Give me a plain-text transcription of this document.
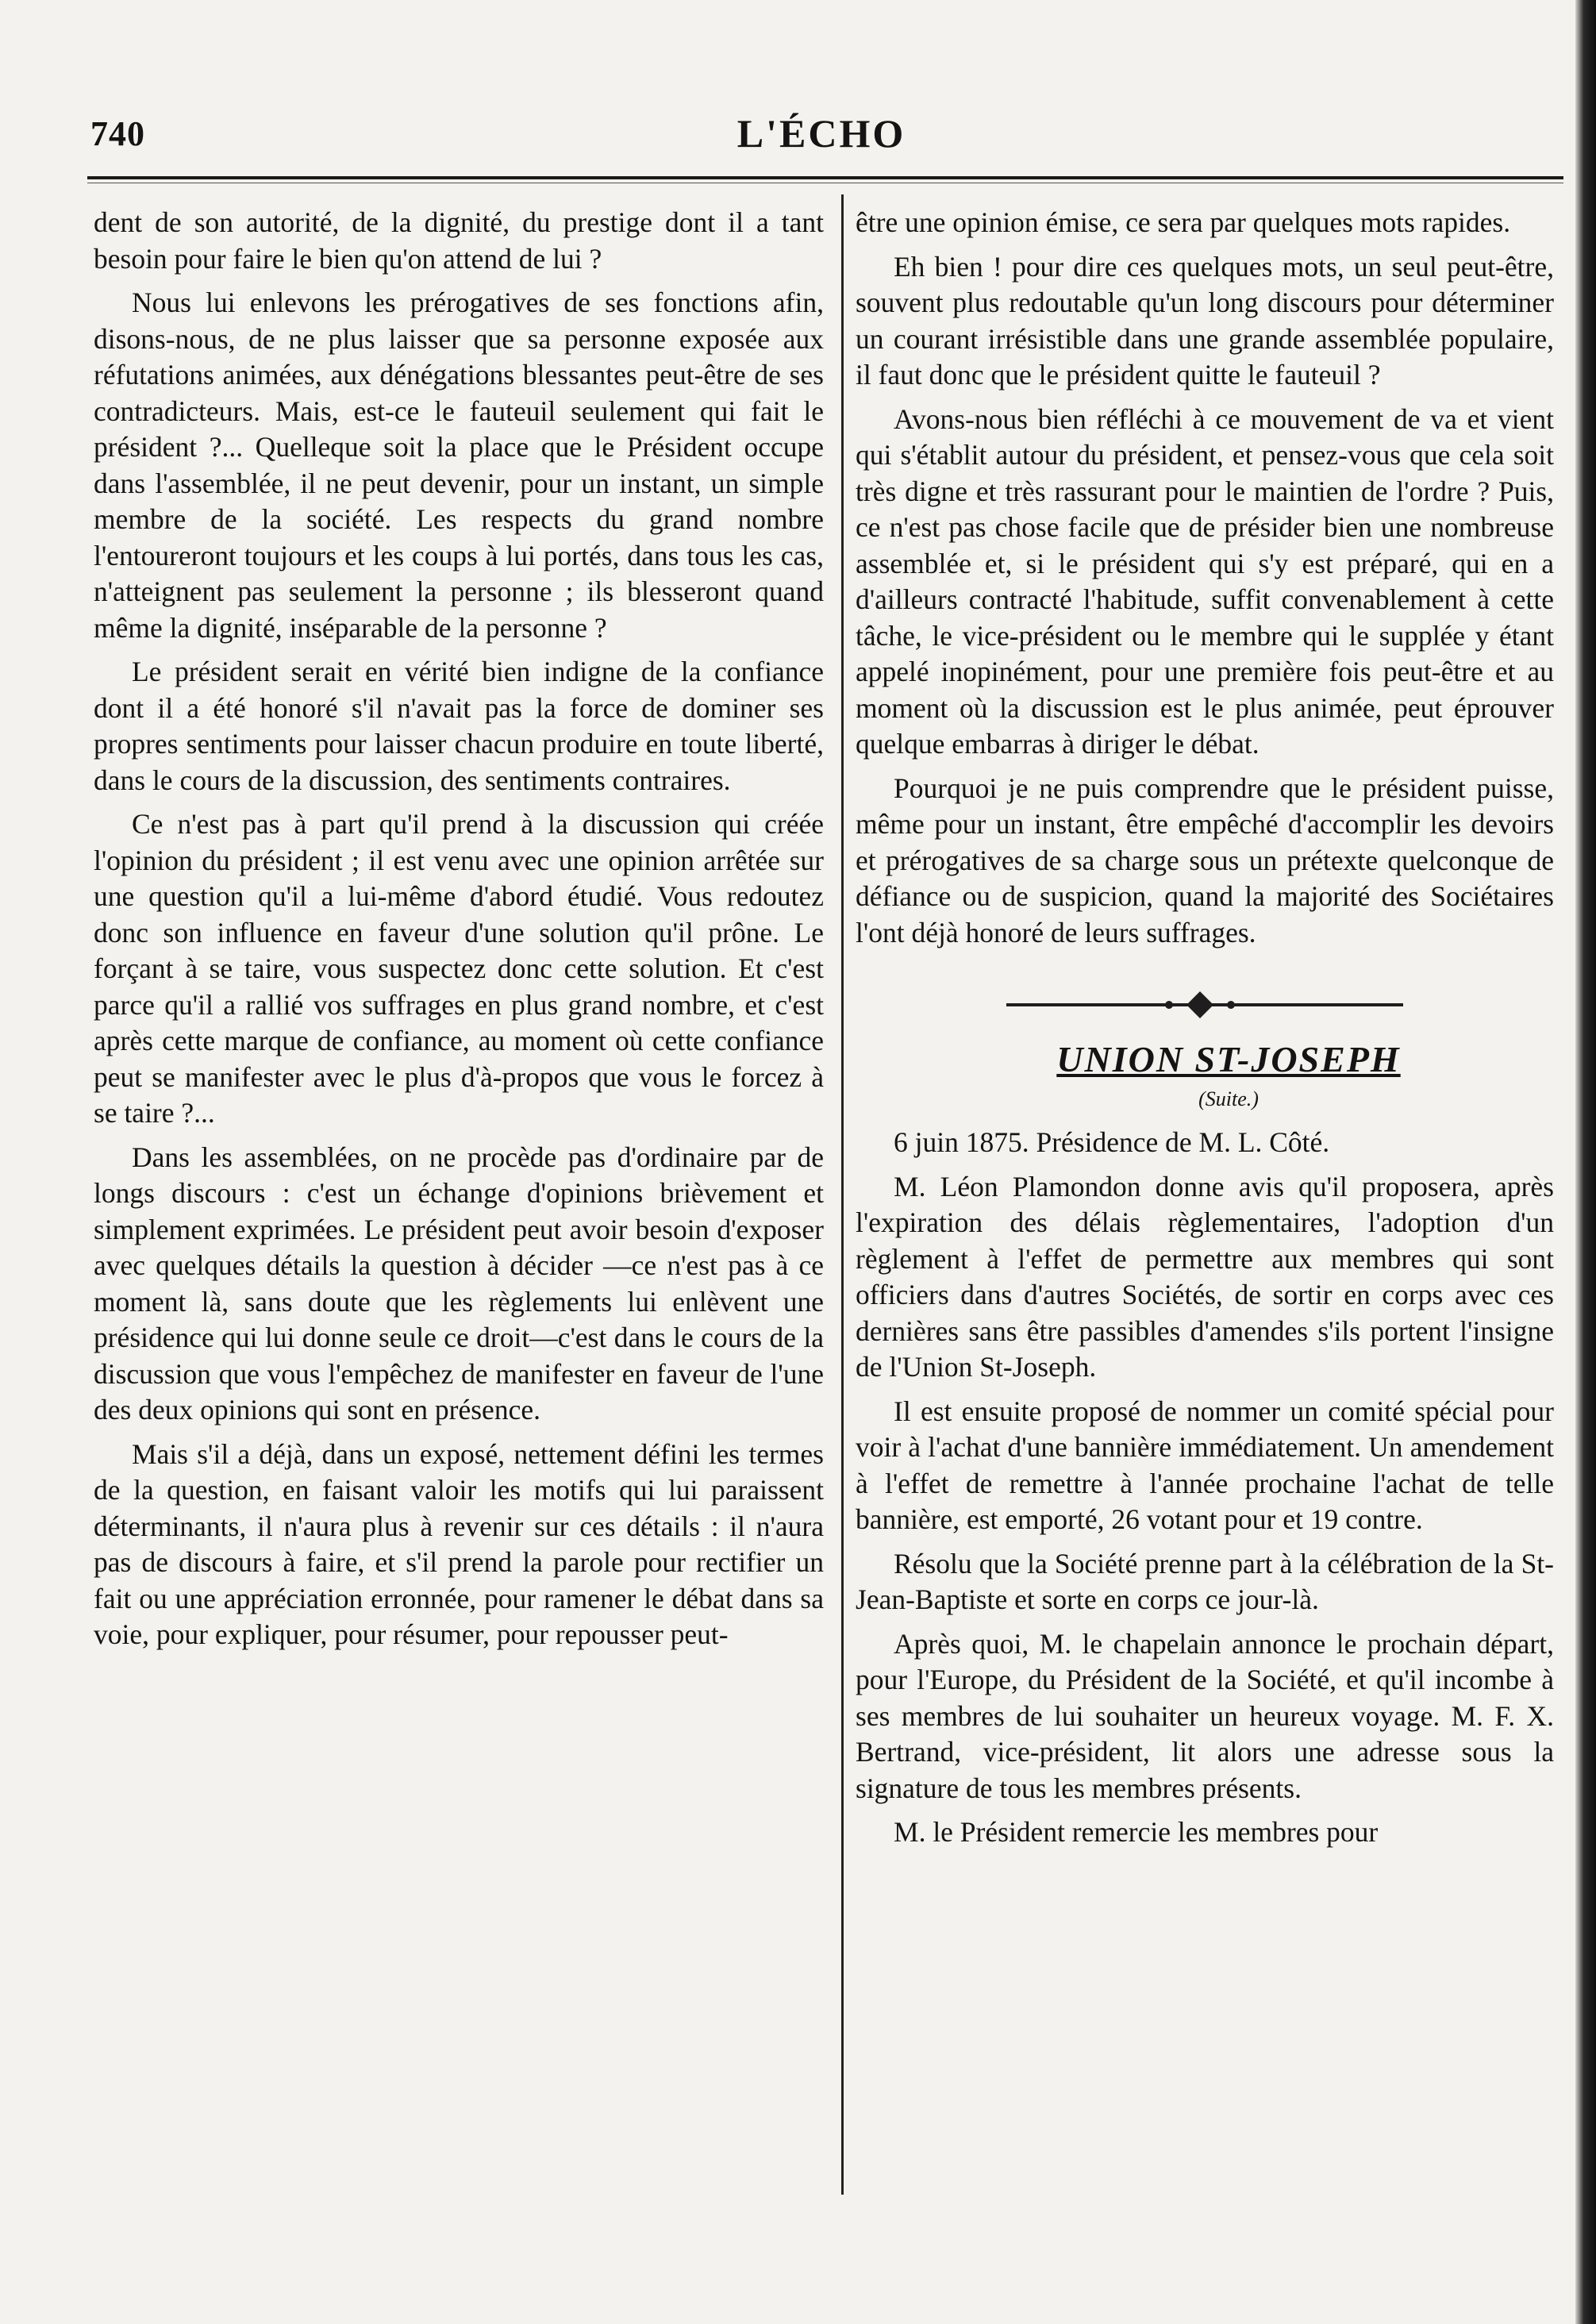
740	L'ÉCHO

dent de son autorité, de la dignité, du prestige dont il a tant besoin pour faire le bien qu'on attend de lui ?

Nous lui enlevons les prérogatives de ses fonctions afin, disons-nous, de ne plus laisser que sa personne exposée aux réfutations animées, aux dénégations blessantes peut-être de ses contradicteurs. Mais, est-ce le fauteuil seulement qui fait le président ?... Quelleque soit la place que le Président occupe dans l'assemblée, il ne peut devenir, pour un instant, un simple membre de la société. Les respects du grand nombre l'entoureront toujours et les coups à lui portés, dans tous les cas, n'atteignent pas seulement la personne ; ils blesseront quand même la dignité, inséparable de la personne ?

Le président serait en vérité bien indigne de la confiance dont il a été honoré s'il n'avait pas la force de dominer ses propres sentiments pour laisser chacun produire en toute liberté, dans le cours de la discussion, des sentiments contraires.

Ce n'est pas à part qu'il prend à la discussion qui créée l'opinion du président ; il est venu avec une opinion arrêtée sur une question qu'il a lui-même d'abord étudié. Vous redoutez donc son influence en faveur d'une solution qu'il prône. Le forçant à se taire, vous suspectez donc cette solution. Et c'est parce qu'il a rallié vos suffrages en plus grand nombre, et c'est après cette marque de confiance, au moment où cette confiance peut se manifester avec le plus d'à-propos que vous le forcez à se taire ?...

Dans les assemblées, on ne procède pas d'ordinaire par de longs discours : c'est un échange d'opinions brièvement et simplement exprimées. Le président peut avoir besoin d'exposer avec quelques détails la question à décider —ce n'est pas à ce moment là, sans doute que les règlements lui enlèvent une présidence qui lui donne seule ce droit—c'est dans le cours de la discussion que vous l'empêchez de manifester en faveur de l'une des deux opinions qui sont en présence.

Mais s'il a déjà, dans un exposé, nettement défini les termes de la question, en faisant valoir les motifs qui lui paraissent déterminants, il n'aura plus à revenir sur ces détails : il n'aura pas de discours à faire, et s'il prend la parole pour rectifier un fait ou une appréciation erronnée, pour ramener le débat dans sa voie, pour expliquer, pour résumer, pour repousser peut-

être une opinion émise, ce sera par quelques mots rapides.

Eh bien ! pour dire ces quelques mots, un seul peut-être, souvent plus redoutable qu'un long discours pour déterminer un courant irrésistible dans une grande assemblée populaire, il faut donc que le président quitte le fauteuil ?

Avons-nous bien réfléchi à ce mouvement de va et vient qui s'établit autour du président, et pensez-vous que cela soit très digne et très rassurant pour le maintien de l'ordre ? Puis, ce n'est pas chose facile que de présider bien une nombreuse assemblée et, si le président qui s'y est préparé, qui en a d'ailleurs contracté l'habitude, suffit convenablement à cette tâche, le vice-président ou le membre qui le supplée y étant appelé inopinément, pour une première fois peut-être et au moment où la discussion est le plus animée, peut éprouver quelque embarras à diriger le débat.

Pourquoi je ne puis comprendre que le président puisse, même pour un instant, être empêché d'accomplir les devoirs et prérogatives de sa charge sous un prétexte quelconque de défiance ou de suspicion, quand la majorité des Sociétaires l'ont déjà honoré de leurs suffrages.

UNION ST-JOSEPH
(Suite.)

6 juin 1875. Présidence de M. L. Côté.

M. Léon Plamondon donne avis qu'il proposera, après l'expiration des délais règlementaires, l'adoption d'un règlement à l'effet de permettre aux membres qui sont officiers dans d'autres Sociétés, de sortir en corps avec ces dernières sans être passibles d'amendes s'ils portent l'insigne de l'Union St-Joseph.

Il est ensuite proposé de nommer un comité spécial pour voir à l'achat d'une bannière immédiatement. Un amendement à l'effet de remettre à l'année prochaine l'achat de telle bannière, est emporté, 26 votant pour et 19 contre.

Résolu que la Société prenne part à la célébration de la St-Jean-Baptiste et sorte en corps ce jour-là.

Après quoi, M. le chapelain annonce le prochain départ, pour l'Europe, du Président de la Société, et qu'il incombe à ses membres de lui souhaiter un heureux voyage. M. F. X. Bertrand, vice-président, lit alors une adresse sous la signature de tous les membres présents.

M. le Président remercie les membres pour
